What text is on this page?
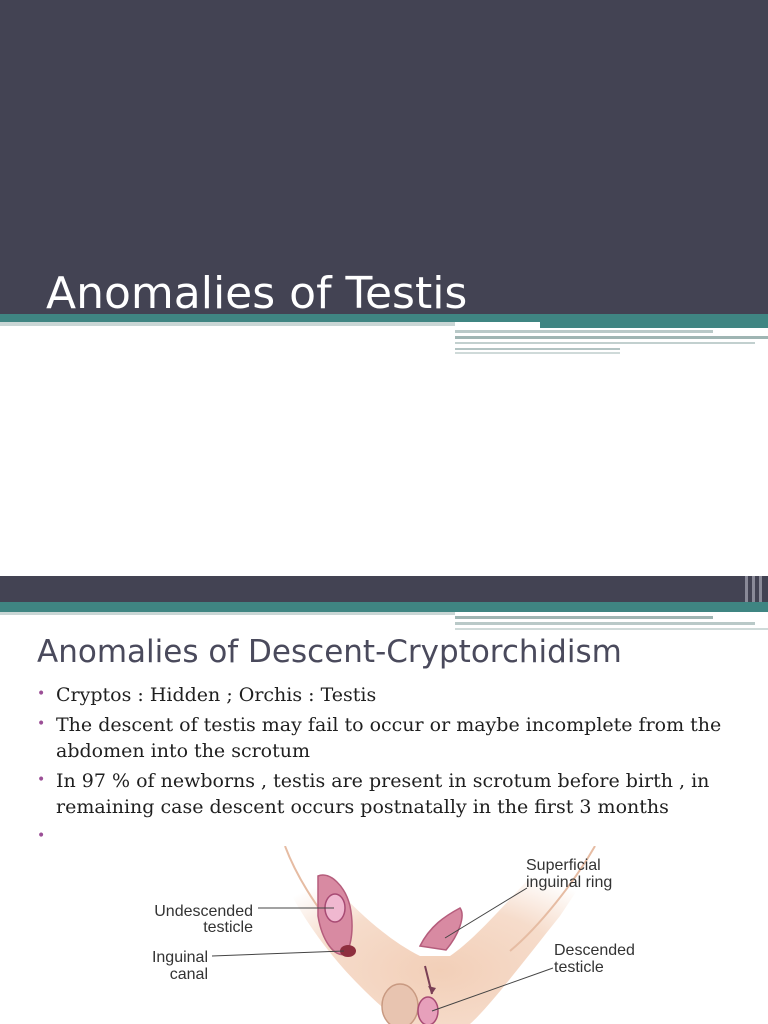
Anomalies of Testis
Anomalies of Descent-Cryptorchidism
• Cryptos : Hidden ; Orchis : Testis
• The descent of testis may fail to occur or maybe incomplete from the abdomen into the scrotum
• In 97 % of newborns , testis are present in scrotum before birth , in remaining case descent occurs postnatally in the first 3 months
•
Superficial
inguinal ring
Undescended
testicle
Inguinal
canal
Descended
testicle
